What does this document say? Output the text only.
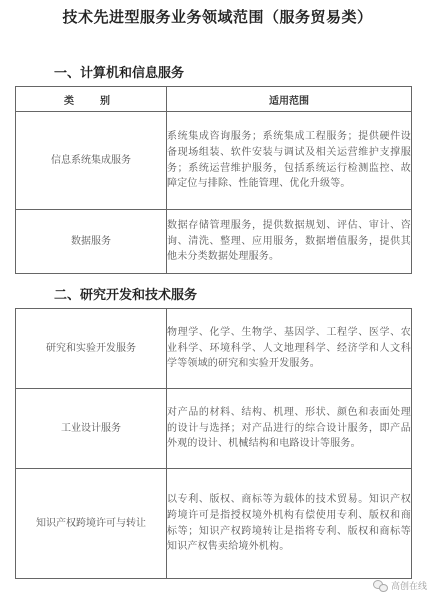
技术先进型服务业务领域范围（服务贸易类）
一、计算机和信息服务
类　别	适用范围
信息系统集成服务	系统集成咨询服务；系统集成工程服务；提供硬件设备现场组装、软件安装与调试及相关运营维护支撑服务；系统运营维护服务，包括系统运行检测监控、故障定位与排除、性能管理、优化升级等。
数据服务	数据存储管理服务，提供数据规划、评估、审计、咨询、清洗、整理、应用服务，数据增值服务，提供其他未分类数据处理服务。
二、研究开发和技术服务
研究和实验开发服务	物理学、化学、生物学、基因学、工程学、医学、农业科学、环境科学、人文地理科学、经济学和人文科学等领域的研究和实验开发服务。
工业设计服务	对产品的材料、结构、机理、形状、颜色和表面处理的设计与选择；对产品进行的综合设计服务，即产品外观的设计、机械结构和电路设计等服务。
知识产权跨境许可与转让	以专利、版权、商标等为载体的技术贸易。知识产权跨境许可是指授权境外机构有偿使用专利、版权和商标等；知识产权跨境转让是指将专利、版权和商标等知识产权售卖给境外机构。
高创在线
